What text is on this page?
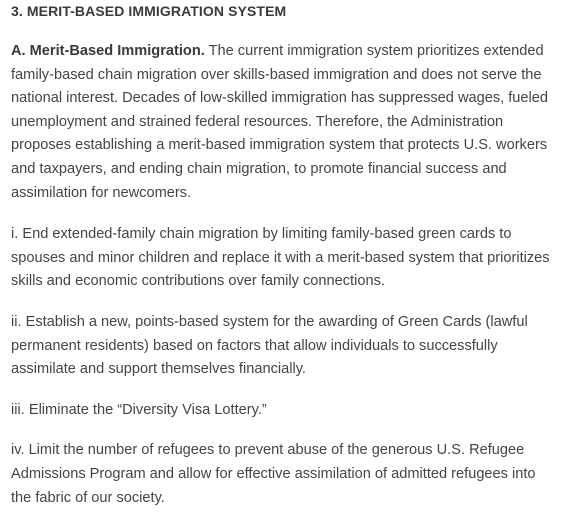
3. MERIT-BASED IMMIGRATION SYSTEM

A. Merit-Based Immigration. The current immigration system prioritizes extended family-based chain migration over skills-based immigration and does not serve the national interest. Decades of low-skilled immigration has suppressed wages, fueled unemployment and strained federal resources. Therefore, the Administration proposes establishing a merit-based immigration system that protects U.S. workers and taxpayers, and ending chain migration, to promote financial success and assimilation for newcomers.

i. End extended-family chain migration by limiting family-based green cards to spouses and minor children and replace it with a merit-based system that prioritizes skills and economic contributions over family connections.

ii. Establish a new, points-based system for the awarding of Green Cards (lawful permanent residents) based on factors that allow individuals to successfully assimilate and support themselves financially.

iii. Eliminate the “Diversity Visa Lottery.”

iv. Limit the number of refugees to prevent abuse of the generous U.S. Refugee Admissions Program and allow for effective assimilation of admitted refugees into the fabric of our society.
